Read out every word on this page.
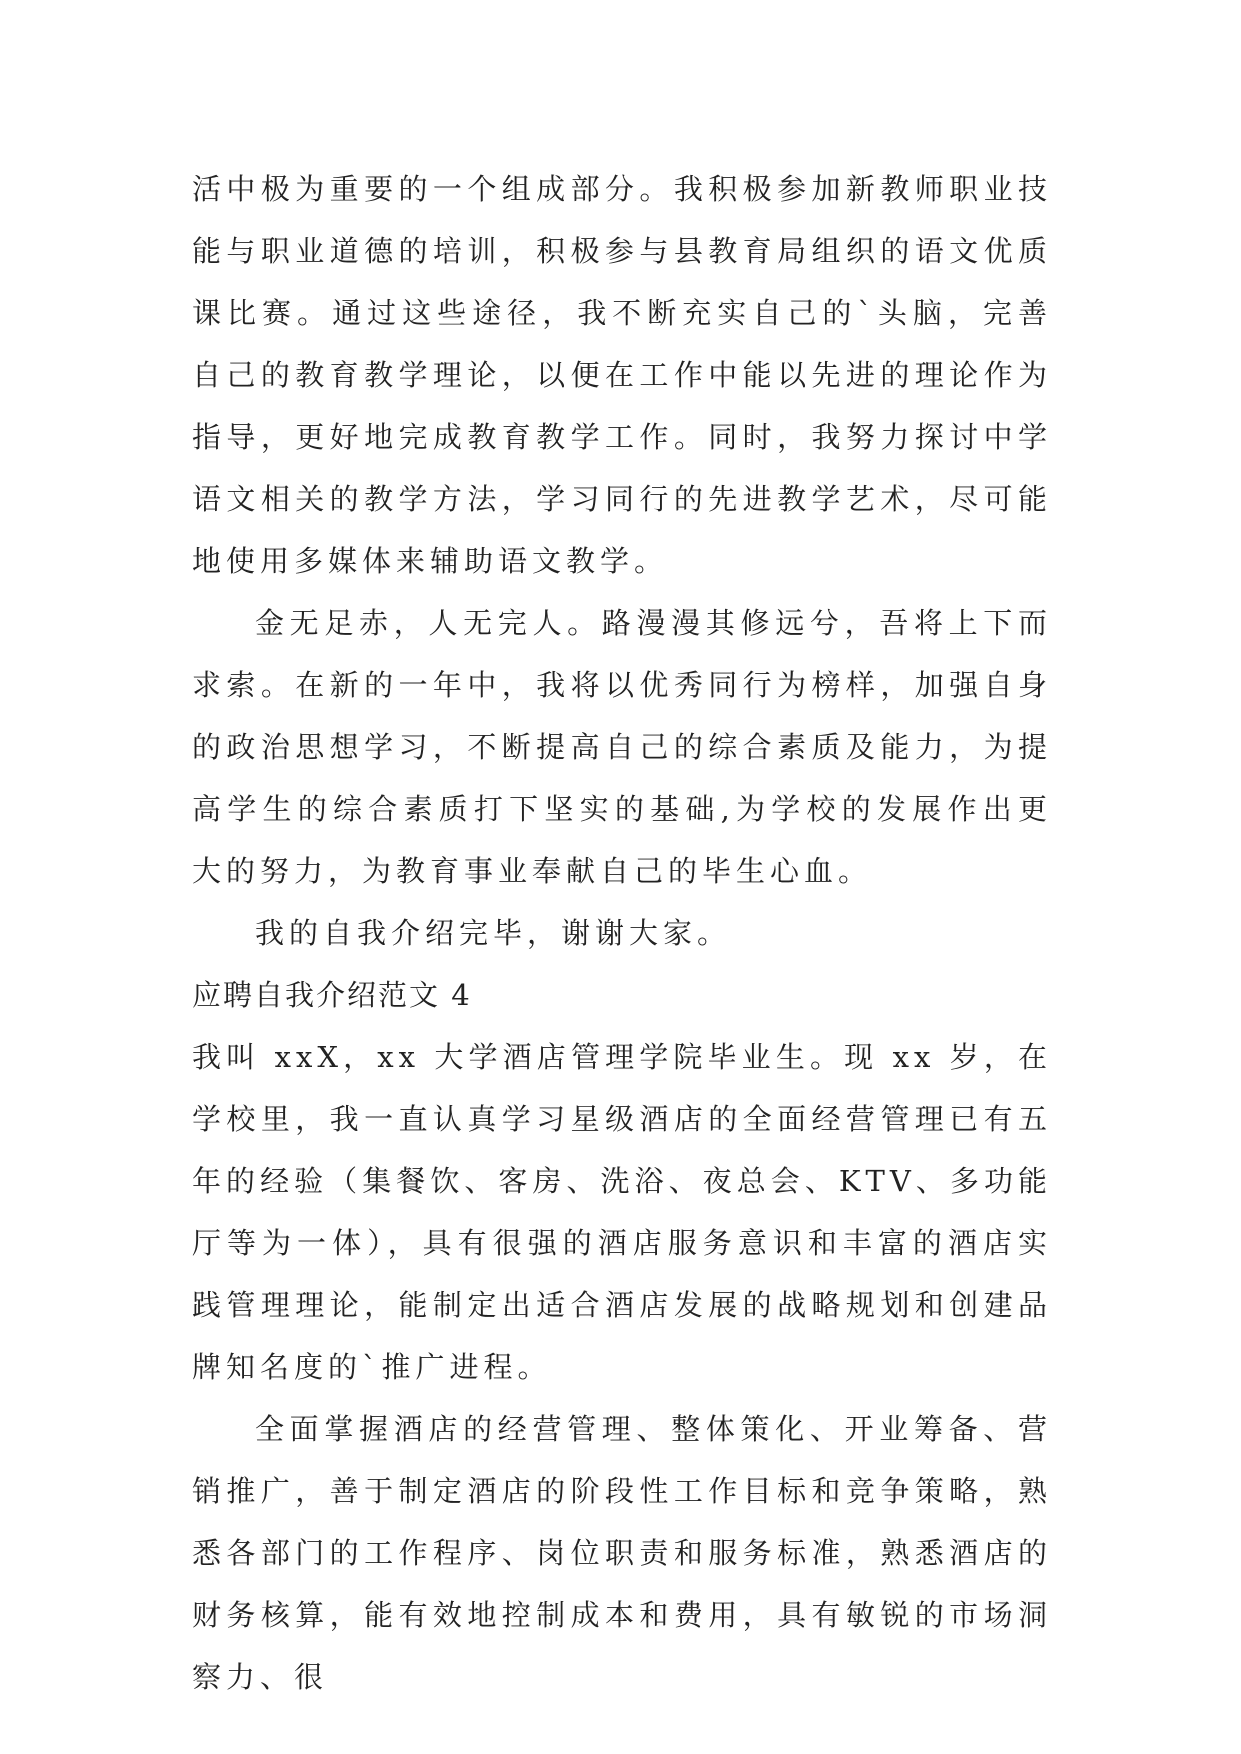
活中极为重要的一个组成部分。我积极参加新教师职业技能与职业道德的培训，积极参与县教育局组织的语文优质课比赛。通过这些途径，我不断充实自己的`头脑，完善自己的教育教学理论，以便在工作中能以先进的理论作为指导，更好地完成教育教学工作。同时，我努力探讨中学语文相关的教学方法，学习同行的先进教学艺术，尽可能地使用多媒体来辅助语文教学。

金无足赤，人无完人。路漫漫其修远兮，吾将上下而求索。在新的一年中，我将以优秀同行为榜样，加强自身的政治思想学习，不断提高自己的综合素质及能力，为提高学生的综合素质打下坚实的基础,为学校的发展作出更大的努力，为教育事业奉献自己的毕生心血。

我的自我介绍完毕，谢谢大家。

应聘自我介绍范文 4

我叫 xxX，xx 大学酒店管理学院毕业生。现 xx 岁，在学校里，我一直认真学习星级酒店的全面经营管理已有五年的经验（集餐饮、客房、洗浴、夜总会、KTV、多功能厅等为一体），具有很强的酒店服务意识和丰富的酒店实践管理理论，能制定出适合酒店发展的战略规划和创建品牌知名度的`推广进程。

全面掌握酒店的经营管理、整体策化、开业筹备、营销推广，善于制定酒店的阶段性工作目标和竞争策略，熟悉各部门的工作程序、岗位职责和服务标准，熟悉酒店的财务核算，能有效地控制成本和费用，具有敏锐的市场洞察力、很
